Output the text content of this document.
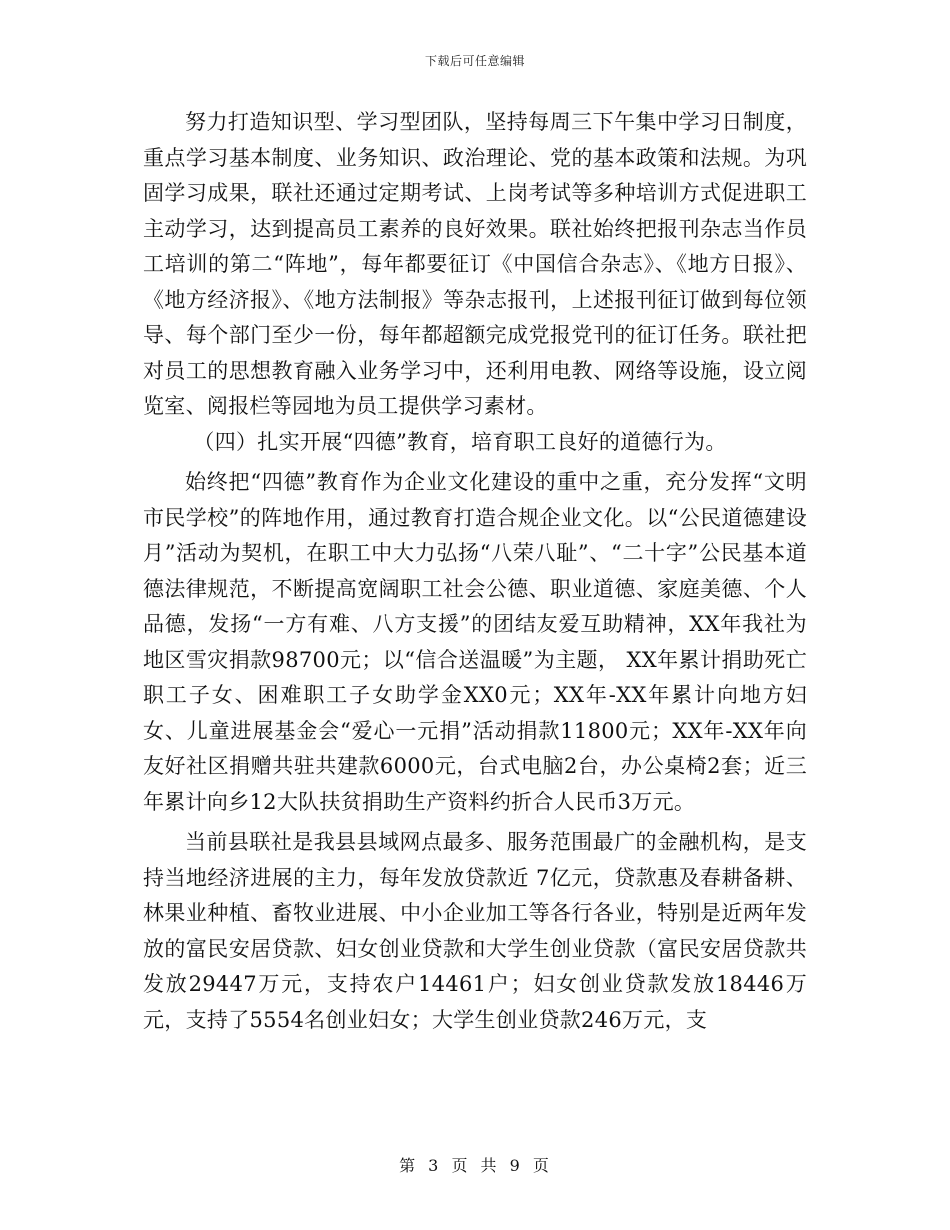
下载后可任意编辑

努力打造知识型、学习型团队，坚持每周三下午集中学习日制度，重点学习基本制度、业务知识、政治理论、党的基本政策和法规。为巩固学习成果，联社还通过定期考试、上岗考试等多种培训方式促进职工主动学习，达到提高员工素养的良好效果。联社始终把报刊杂志当作员工培训的第二“阵地”，每年都要征订《中国信合杂志》、《地方日报》、《地方经济报》、《地方法制报》等杂志报刊，上述报刊征订做到每位领导、每个部门至少一份，每年都超额完成党报党刊的征订任务。联社把对员工的思想教育融入业务学习中，还利用电教、网络等设施，设立阅览室、阅报栏等园地为员工提供学习素材。

（四）扎实开展“四德”教育，培育职工良好的道德行为。

始终把“四德”教育作为企业文化建设的重中之重，充分发挥“文明市民学校”的阵地作用，通过教育打造合规企业文化。以“公民道德建设月”活动为契机，在职工中大力弘扬“八荣八耻”、“二十字”公民基本道德法律规范，不断提高宽阔职工社会公德、职业道德、家庭美德、个人品德，发扬“一方有难、八方支援”的团结友爱互助精神，XX年我社为地区雪灾捐款98700元；以“信合送温暖”为主题， XX年累计捐助死亡职工子女、困难职工子女助学金XX0元；XX年-XX年累计向地方妇女、儿童进展基金会“爱心一元捐”活动捐款11800元；XX年-XX年向友好社区捐赠共驻共建款6000元，台式电脑2台，办公桌椅2套；近三年累计向乡12大队扶贫捐助生产资料约折合人民币3万元。

当前县联社是我县县域网点最多、服务范围最广的金融机构，是支持当地经济进展的主力，每年发放贷款近 7亿元，贷款惠及春耕备耕、林果业种植、畜牧业进展、中小企业加工等各行各业，特别是近两年发放的富民安居贷款、妇女创业贷款和大学生创业贷款（富民安居贷款共发放29447万元，支持农户14461户；妇女创业贷款发放18446万元，支持了5554名创业妇女；大学生创业贷款246万元，支

第 3 页 共 9 页
